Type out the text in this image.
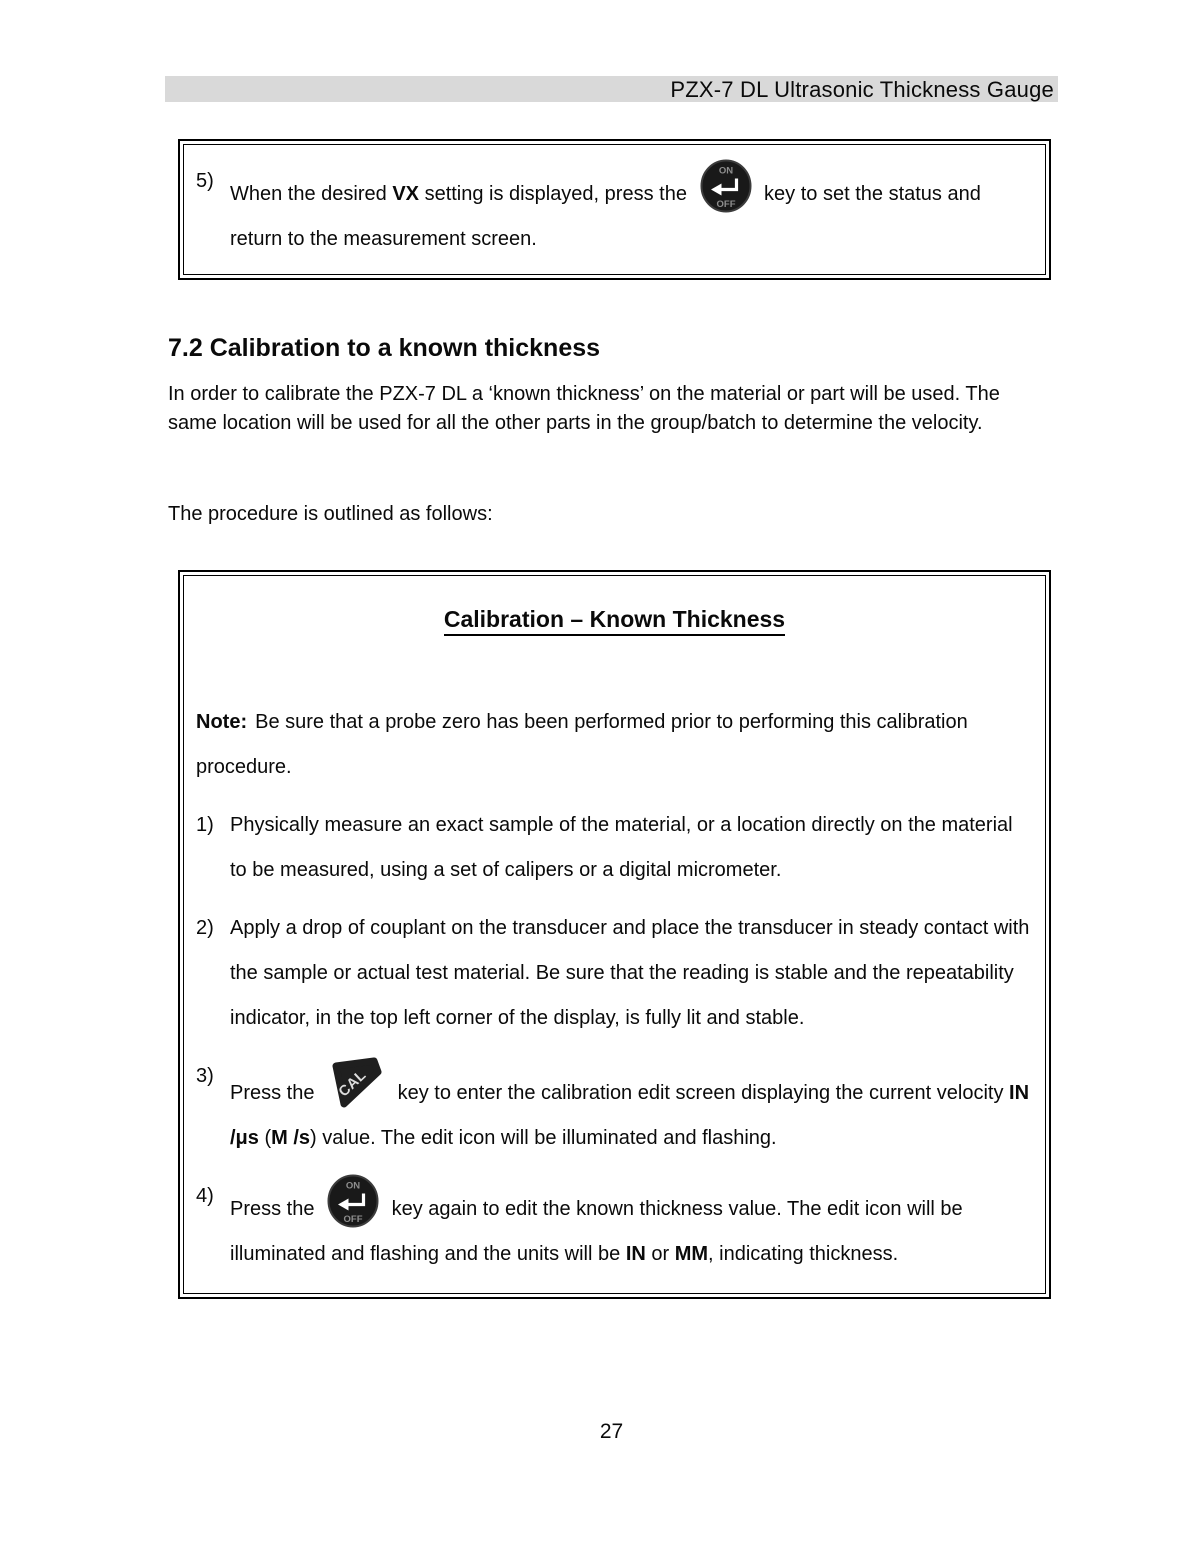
PZX-7 DL Ultrasonic Thickness Gauge
5)
When the desired VX setting is displayed, press the
ON
OFF key to set the status and return to the measurement screen.
7.2 Calibration to a known thickness
In order to calibrate the PZX-7 DL a ‘known thickness’ on the material or part will be used. The same location will be used for all the other parts in the group/batch to determine the velocity.
The procedure is outlined as follows:
Calibration – Known Thickness
Note: Be sure that a probe zero has been performed prior to performing this calibration procedure.
1) Physically measure an exact sample of the material, or a location directly on the material to be measured, using a set of calipers or a digital micrometer.
2) Apply a drop of couplant on the transducer and place the transducer in steady contact with the sample or actual test material. Be sure that the reading is stable and the repeatability indicator, in the top left corner of the display, is fully lit and stable.
3)
Press the CAL key to enter the calibration edit screen displaying the current velocity IN /μs (M /s) value. The edit icon will be illuminated and flashing.
4)
Press the
ON
OFF key again to edit the known thickness value. The edit icon will be illuminated and flashing and the units will be IN or MM, indicating thickness.
27
